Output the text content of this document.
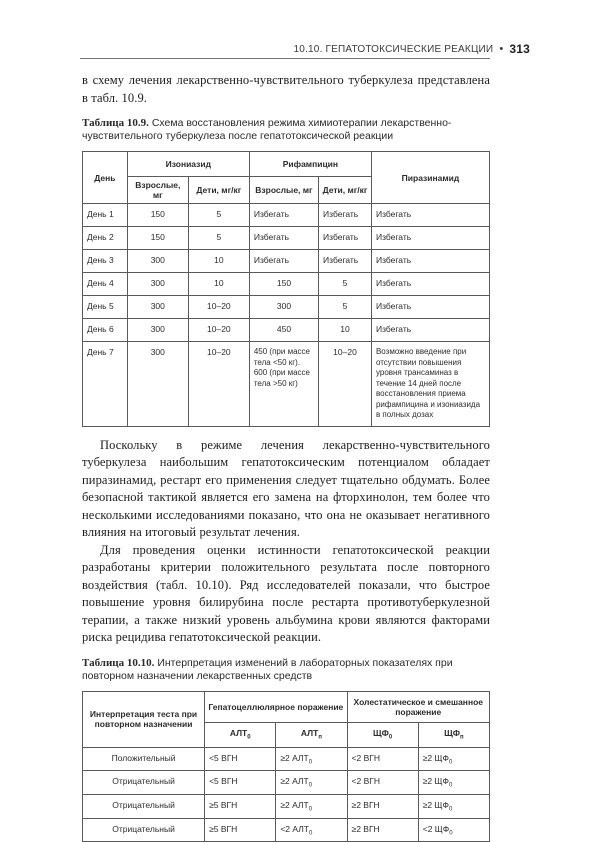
10.10. ГЕПАТОТОКСИЧЕСКИЕ РЕАКЦИИ • 313

в схему лечения лекарственно-чувствительного туберкулеза представлена в табл. 10.9.

Таблица 10.9. Схема восстановления режима химиотерапии лекарственно-чувствительного туберкулеза после гепатотоксической реакции
День	Изониазид		Рифампицин		Пиразинамид
	Взрослые, мг	Дети, мг/кг	Взрослые, мг	Дети, мг/кг	
День 1	150	5	Избегать	Избегать	Избегать
День 2	150	5	Избегать	Избегать	Избегать
День 3	300	10	Избегать	Избегать	Избегать
День 4	300	10	150	5	Избегать
День 5	300	10–20	300	5	Избегать
День 6	300	10–20	450	10	Избегать
День 7	300	10–20	450 (при массе тела <50 кг). 600 (при массе тела >50 кг)	10–20	Возможно введение при отсутствии повышения уровня трансаминаз в течение 14 дней после восстановления приема рифампицина и изониазида в полных дозах

Поскольку в режиме лечения лекарственно-чувствительного туберкулеза наибольшим гепатотоксическим потенциалом обладает пиразинамид, рестарт его применения следует тщательно обдумать. Более безопасной тактикой является его замена на фторхинолон, тем более что несколькими исследованиями показано, что она не оказывает негативного влияния на итоговый результат лечения.

Для проведения оценки истинности гепатотоксической реакции разработаны критерии положительного результата после повторного воздействия (табл. 10.10). Ряд исследователей показали, что быстрое повышение уровня билирубина после рестарта противотуберкулезной терапии, а также низкий уровень альбумина крови являются факторами риска рецидива гепатотоксической реакции.

Таблица 10.10. Интерпретация изменений в лабораторных показателях при повторном назначении лекарственных средств
Интерпретация теста при повторном назначении	Гепатоцеллюлярное поражение		Холестатическое и смешанное поражение	
	$АЛТ_0$	$АЛТ_п$	$ЩФ_0$	$ЩФ_п$
Положительный	<5 ВГН	≥2 $АЛТ_0$	<2 ВГН	≥2 $ЩФ_0$
Отрицательный	<5 ВГН	≥2 $АЛТ_0$	<2 ВГН	≥2 $ЩФ_0$
Отрицательный	≥5 ВГН	≥2 $АЛТ_0$	≥2 ВГН	≥2 $ЩФ_0$
Отрицательный	≥5 ВГН	<2 $АЛТ_0$	≥2 ВГН	<2 $ЩФ_0$
